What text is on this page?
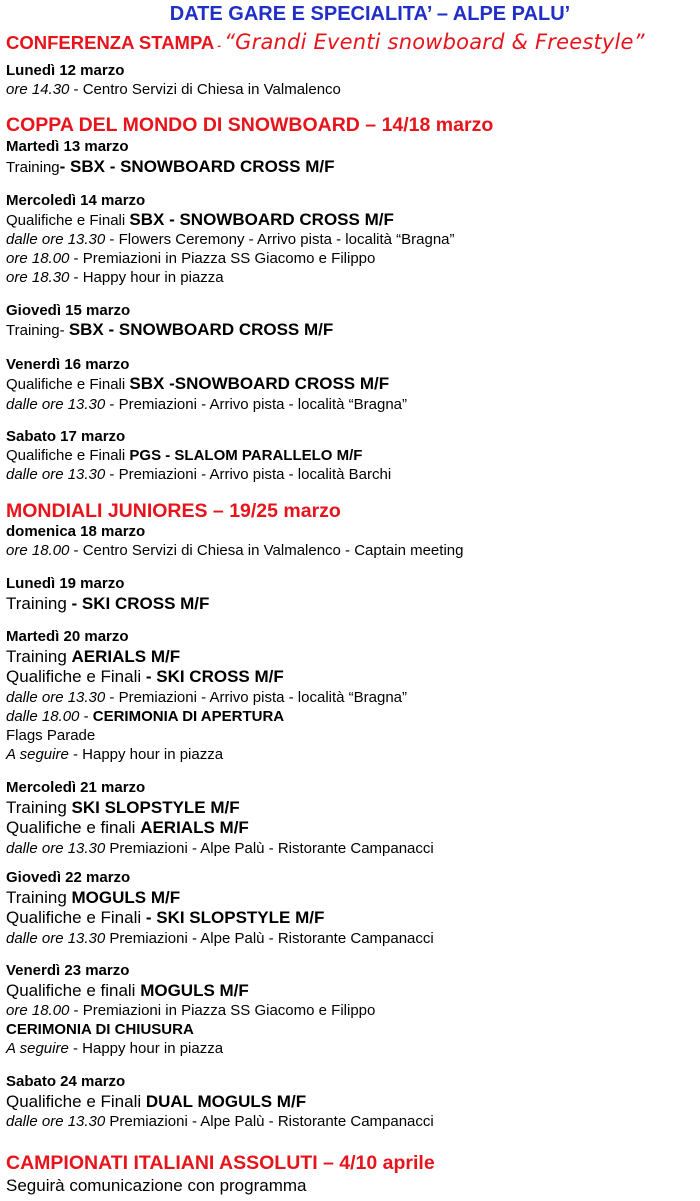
DATE GARE E SPECIALITA’ – ALPE PALU’
CONFERENZA STAMPA - “Grandi Eventi snowboard & Freestyle”
Lunedì 12 marzo
ore 14.30 - Centro Servizi di Chiesa in Valmalenco
COPPA DEL MONDO DI SNOWBOARD – 14/18 marzo
Martedì 13 marzo
Training- SBX - SNOWBOARD CROSS M/F
Mercoledì 14 marzo
Qualifiche e Finali SBX - SNOWBOARD CROSS M/F
dalle ore 13.30 - Flowers Ceremony - Arrivo pista - località “Bragna”
ore 18.00 - Premiazioni in Piazza SS Giacomo e Filippo
ore 18.30 - Happy hour in piazza
Giovedì 15 marzo
Training- SBX - SNOWBOARD CROSS M/F
Venerdì 16 marzo
Qualifiche e Finali SBX -SNOWBOARD CROSS M/F
dalle ore 13.30 - Premiazioni - Arrivo pista - località “Bragna”
Sabato 17 marzo
Qualifiche e Finali PGS - SLALOM PARALLELO M/F
dalle ore 13.30 - Premiazioni - Arrivo pista - località Barchi
MONDIALI JUNIORES – 19/25 marzo
domenica 18 marzo
ore 18.00 - Centro Servizi di Chiesa in Valmalenco - Captain meeting
Lunedì 19 marzo
Training - SKI CROSS M/F
Martedì 20 marzo
Training AERIALS M/F
Qualifiche e Finali - SKI CROSS M/F
dalle ore 13.30 - Premiazioni - Arrivo pista - località “Bragna”
dalle 18.00 - CERIMONIA DI APERTURA
Flags Parade
A seguire - Happy hour in piazza
Mercoledì 21 marzo
Training SKI SLOPSTYLE M/F
Qualifiche e finali AERIALS M/F
dalle ore 13.30 Premiazioni - Alpe Palù - Ristorante Campanacci
Giovedì 22 marzo
Training MOGULS M/F
Qualifiche e Finali - SKI SLOPSTYLE M/F
dalle ore 13.30 Premiazioni - Alpe Palù - Ristorante Campanacci
Venerdì 23 marzo
Qualifiche e finali MOGULS M/F
ore 18.00 - Premiazioni in Piazza SS Giacomo e Filippo
CERIMONIA DI CHIUSURA
A seguire - Happy hour in piazza
Sabato 24 marzo
Qualifiche e Finali DUAL MOGULS M/F
dalle ore 13.30 Premiazioni - Alpe Palù - Ristorante Campanacci
CAMPIONATI ITALIANI ASSOLUTI – 4/10 aprile
Seguirà comunicazione con programma
